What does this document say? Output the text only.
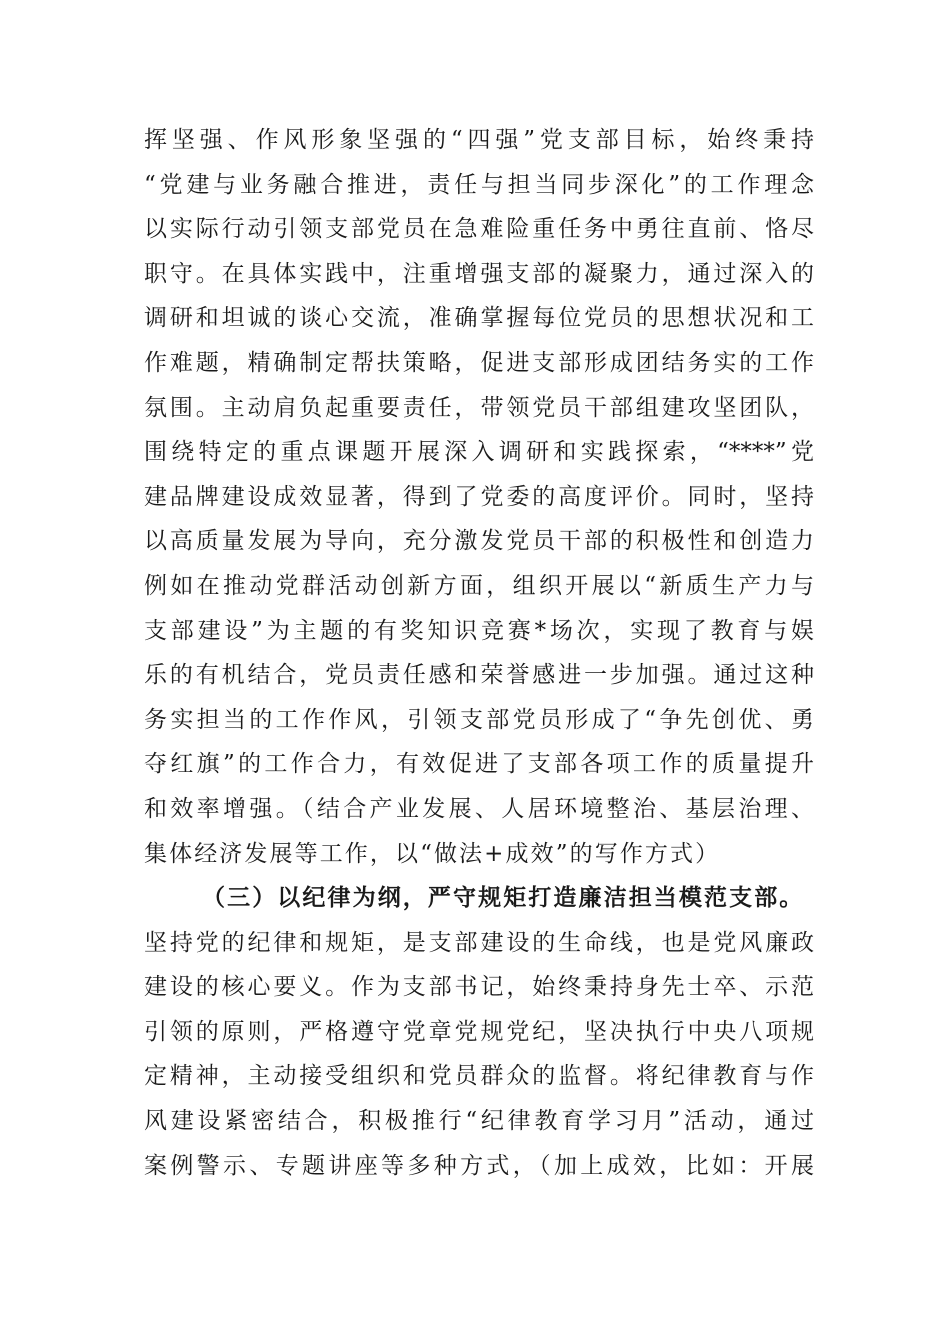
挥坚强、作风形象坚强的“四强”党支部目标，始终秉持
“党建与业务融合推进，责任与担当同步深化”的工作理念
以实际行动引领支部党员在急难险重任务中勇往直前、恪尽
职守。在具体实践中，注重增强支部的凝聚力，通过深入的
调研和坦诚的谈心交流，准确掌握每位党员的思想状况和工
作难题，精确制定帮扶策略，促进支部形成团结务实的工作
氛围。主动肩负起重要责任，带领党员干部组建攻坚团队，
围绕特定的重点课题开展深入调研和实践探索，“****”党
建品牌建设成效显著，得到了党委的高度评价。同时，坚持
以高质量发展为导向，充分激发党员干部的积极性和创造力
例如在推动党群活动创新方面，组织开展以“新质生产力与
支部建设”为主题的有奖知识竞赛*场次，实现了教育与娱
乐的有机结合，党员责任感和荣誉感进一步加强。通过这种
务实担当的工作作风，引领支部党员形成了“争先创优、勇
夺红旗”的工作合力，有效促进了支部各项工作的质量提升
和效率增强。（结合产业发展、人居环境整治、基层治理、
集体经济发展等工作，以“做法+成效”的写作方式）
（三）以纪律为纲，严守规矩打造廉洁担当模范支部。
坚持党的纪律和规矩，是支部建设的生命线，也是党风廉政
建设的核心要义。作为支部书记，始终秉持身先士卒、示范
引领的原则，严格遵守党章党规党纪，坚决执行中央八项规
定精神，主动接受组织和党员群众的监督。将纪律教育与作
风建设紧密结合，积极推行“纪律教育学习月”活动，通过
案例警示、专题讲座等多种方式，（加上成效，比如：开展
